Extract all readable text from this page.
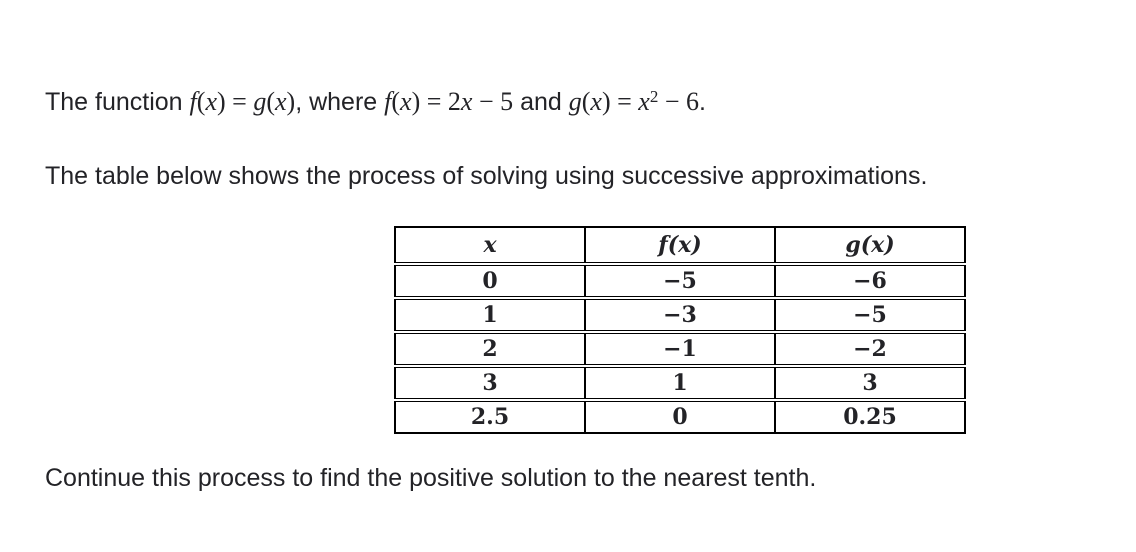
The function f(x) = g(x), where f(x) = 2x − 5 and $g(x) = x^2 - 6$.

The table below shows the process of solving using successive approximations.

x	f(x)	g(x)
0	−5	−6
1	−3	−5
2	−1	−2
3	1	3
2.5	0	0.25

Continue this process to find the positive solution to the nearest tenth.
